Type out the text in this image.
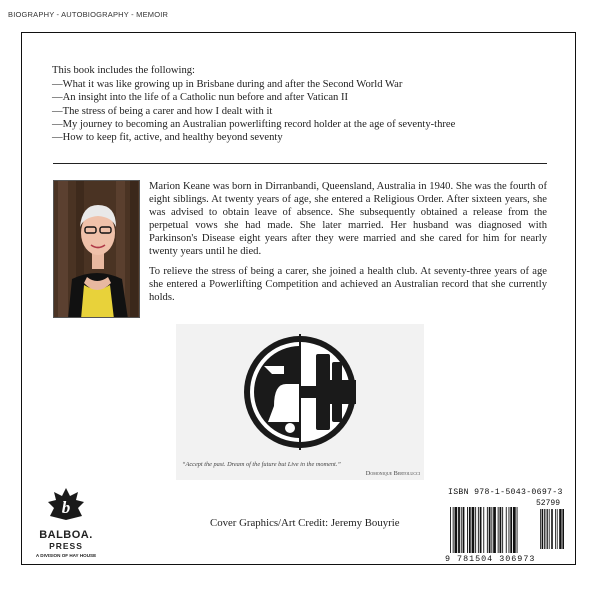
BIOGRAPHY - AUTOBIOGRAPHY - MEMOIR

This book includes the following:

—What it was like growing up in Brisbane during and after the Second World War
—An insight into the life of a Catholic nun before and after Vatican II
—The stress of being a carer and how I dealt with it
—My journey to becoming an Australian powerlifting record holder at the age of seventy-three
—How to keep fit, active, and healthy beyond seventy

Marion Keane was born in Dirranbandi, Queensland, Australia in 1940. She was the fourth of eight siblings. At twenty years of age, she entered a Religious Order. After sixteen years, she was advised to obtain leave of absence. She subsequently obtained a release from the perpetual vows she had made. She later married. Her husband was diagnosed with Parkinson's Disease eight years after they were married and she cared for him for nearly twenty years until he died.

To relieve the stress of being a carer, she joined a health club. At seventy-three years of age she entered a Powerlifting Competition and achieved an Australian record that she currently holds.

“Accept the past. Dream of the future but Live in the moment.”
Domonique Bertolucci
b
BALBOA.
PRESS
A DIVISION OF HAY HOUSE
Cover Graphics/Art Credit: Jeremy Bouyrie
ISBN 978-1-5043-0697-3
52799
9 781504 306973
